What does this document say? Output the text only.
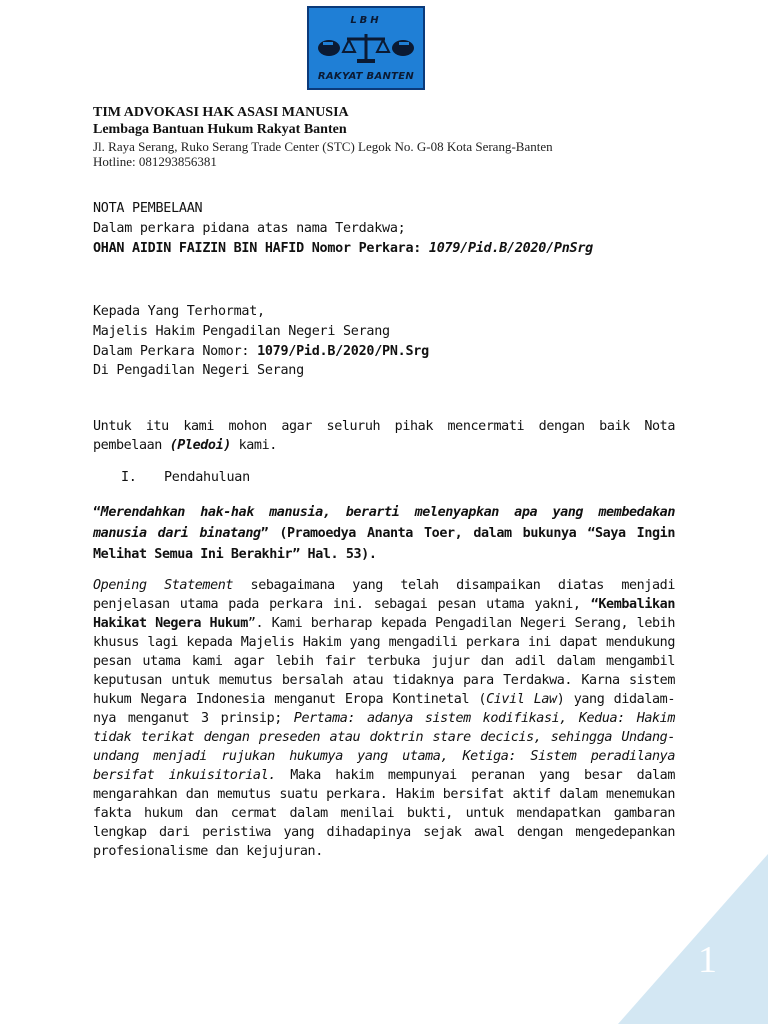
LBH
RAKYAT BANTEN
TIM ADVOKASI HAK ASASI MANUSIA
Lembaga Bantuan Hukum Rakyat Banten
Jl. Raya Serang, Ruko Serang Trade Center (STC) Legok No. G-08 Kota Serang-Banten
Hotline: 081293856381
NOTA PEMBELAAN
Dalam perkara pidana atas nama Terdakwa;
OHAN AIDIN FAIZIN BIN HAFID Nomor Perkara: 1079/Pid.B/2020/PnSrg
Kepada Yang Terhormat,
Majelis Hakim Pengadilan Negeri Serang
Dalam Perkara Nomor: 1079/Pid.B/2020/PN.Srg
Di Pengadilan Negeri Serang
Untuk itu kami mohon agar seluruh pihak mencermati dengan baik Nota pembelaan (Pledoi) kami.
I. Pendahuluan
“Merendahkan hak-hak manusia, berarti melenyapkan apa yang membedakan manusia dari binatang” (Pramoedya Ananta Toer, dalam bukunya “Saya Ingin Melihat Semua Ini Berakhir” Hal. 53).
Opening Statement sebagaimana yang telah disampaikan diatas menjadi penjelasan utama pada perkara ini. sebagai pesan utama yakni, “Kembalikan Hakikat Negera Hukum”. Kami berharap kepada Pengadilan Negeri Serang, lebih khusus lagi kepada Majelis Hakim yang mengadili perkara ini dapat mendukung pesan utama kami agar lebih fair terbuka jujur dan adil dalam mengambil keputusan untuk memutus bersalah atau tidaknya para Terdakwa. Karna sistem hukum Negara Indonesia menganut Eropa Kontinetal (Civil Law) yang didalam-nya menganut 3 prinsip; Pertama: adanya sistem kodifikasi, Kedua: Hakim tidak terikat dengan preseden atau doktrin stare decicis, sehingga Undang-undang menjadi rujukan hukumya yang utama, Ketiga: Sistem peradilanya bersifat inkuisitorial. Maka hakim mempunyai peranan yang besar dalam mengarahkan dan memutus suatu perkara. Hakim bersifat aktif dalam menemukan fakta hukum dan cermat dalam menilai bukti, untuk mendapatkan gambaran lengkap dari peristiwa yang dihadapinya sejak awal dengan mengedepankan profesionalisme dan kejujuran.
1
